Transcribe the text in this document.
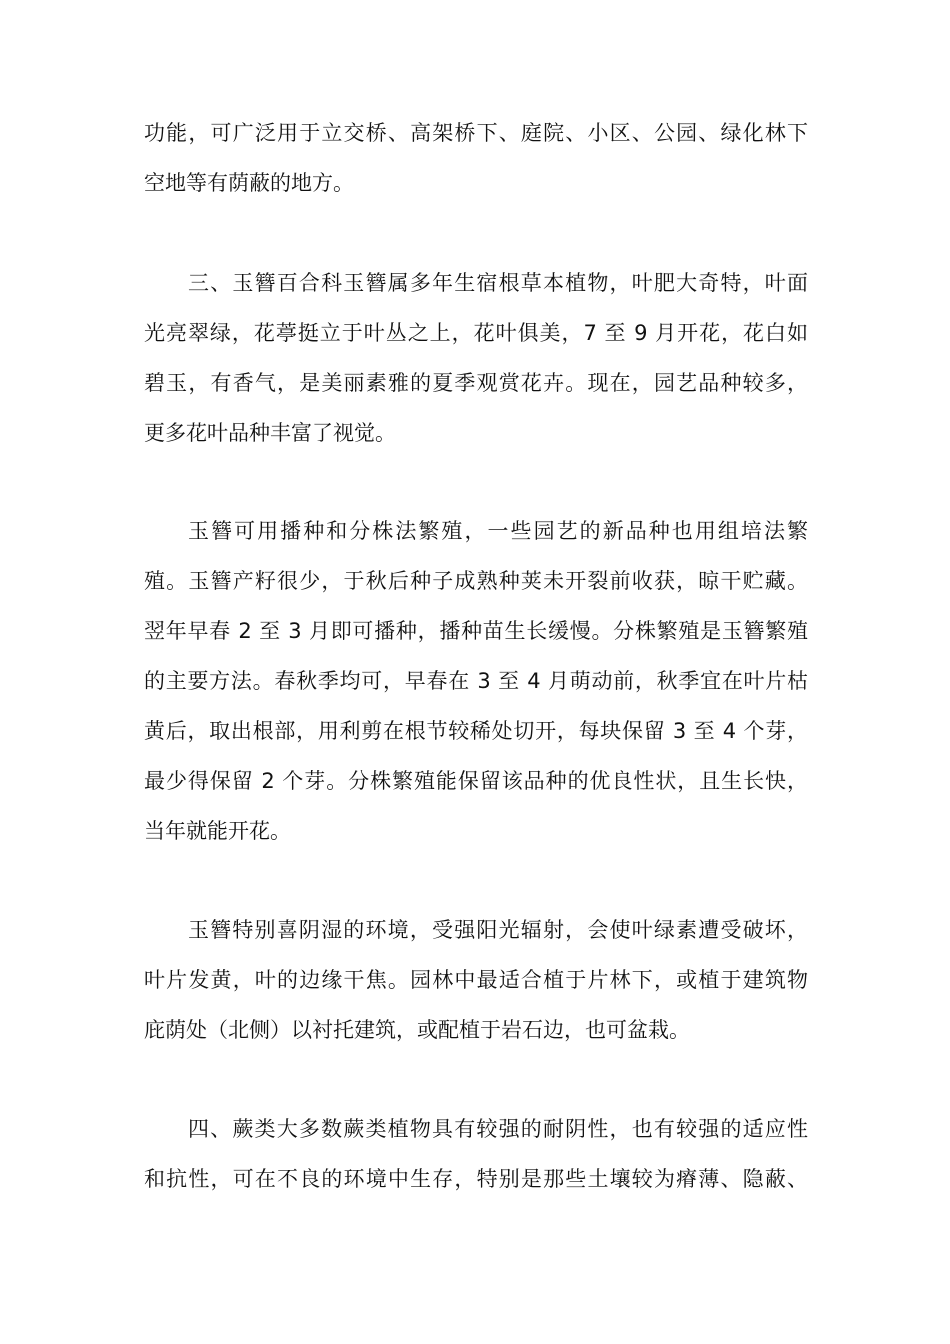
功能，可广泛用于立交桥、高架桥下、庭院、小区、公园、绿化林下
空地等有荫蔽的地方。

三、玉簪百合科玉簪属多年生宿根草本植物，叶肥大奇特，叶面
光亮翠绿，花葶挺立于叶丛之上，花叶俱美，7 至 9 月开花，花白如
碧玉，有香气，是美丽素雅的夏季观赏花卉。现在，园艺品种较多，
更多花叶品种丰富了视觉。

玉簪可用播种和分株法繁殖，一些园艺的新品种也用组培法繁
殖。玉簪产籽很少，于秋后种子成熟种荚未开裂前收获，晾干贮藏。
翌年早春 2 至 3 月即可播种，播种苗生长缓慢。分株繁殖是玉簪繁殖
的主要方法。春秋季均可，早春在 3 至 4 月萌动前，秋季宜在叶片枯
黄后，取出根部，用利剪在根节较稀处切开，每块保留 3 至 4 个芽，
最少得保留 2 个芽。分株繁殖能保留该品种的优良性状，且生长快，
当年就能开花。

玉簪特别喜阴湿的环境，受强阳光辐射，会使叶绿素遭受破坏，
叶片发黄，叶的边缘干焦。园林中最适合植于片林下，或植于建筑物
庇荫处（北侧）以衬托建筑，或配植于岩石边，也可盆栽。

四、蕨类大多数蕨类植物具有较强的耐阴性，也有较强的适应性
和抗性，可在不良的环境中生存，特别是那些土壤较为瘠薄、隐蔽、
